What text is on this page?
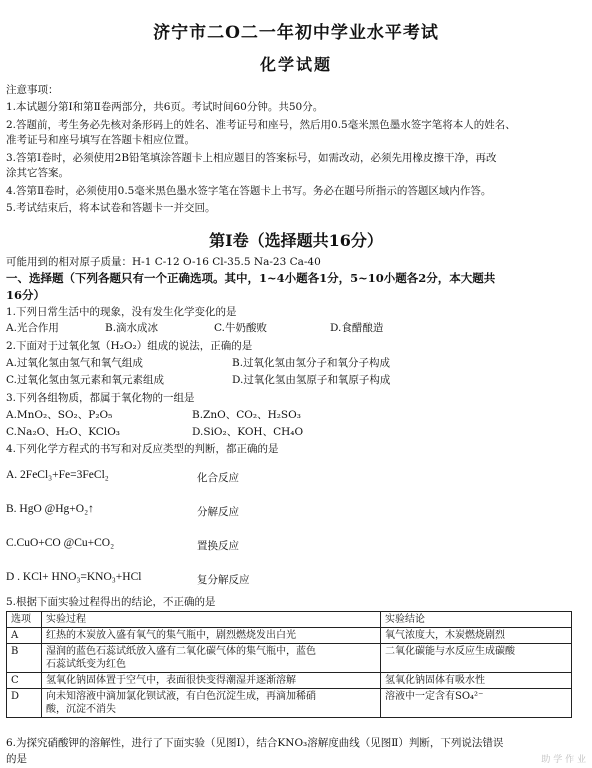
济宁市二O二一年初中学业水平考试
化学试题
注意事项：
1.本试题分第Ⅰ和第Ⅱ卷两部分，共6页。考试时间60分钟。共50分。
2.答题前，考生务必先核对条形码上的姓名、准考证号和座号，然后用0.5毫米黑色墨水签字笔将本人的姓名、
准考证号和座号填写在答题卡相应位置。
3.答第Ⅰ卷时，必须使用2B铅笔填涂答题卡上相应题目的答案标号，如需改动，必须先用橡皮擦干净，再改
涂其它答案。
4.答第Ⅱ卷时，必须使用0.5毫米黑色墨水签字笔在答题卡上书写。务必在题号所指示的答题区域内作答。
5.考试结束后，将本试卷和答题卡一并交回。
第Ⅰ卷（选择题共16分）
可能用到的相对原子质量：H-1 C-12 O-16 Cl-35.5 Na-23 Ca-40
一、选择题（下列各题只有一个正确选项。其中，1~4小题各1分，5~10小题各2分，本大题共
16分）
1.下列日常生活中的现象，没有发生化学变化的是
A.光合作用	B.滴水成冰	C.牛奶酸败	D.食醋酿造
2.下面对于过氧化氢（H₂O₂）组成的说法，正确的是
A.过氧化氢由氢气和氧气组成	B.过氧化氢由氢分子和氧分子构成
C.过氧化氢由氢元素和氧元素组成	D.过氧化氢由氢原子和氧原子构成
3.下列各组物质，都属于氧化物的一组是
A.MnO₂、SO₂、P₂O₅	B.ZnO、CO₂、H₂SO₃
C.Na₂O、H₂O、KClO₃	D.SiO₂、KOH、CH₄O
4.下列化学方程式的书写和对反应类型的判断，都正确的是
A. 2FeCl₃+Fe=3FeCl₂	化合反应
B. HgO @Hg+O₂↑	分解反应
C.CuO+CO @Cu+CO₂	置换反应
D . KCl+ HNO₃=KNO₃+HCl	复分解反应
5.根据下面实验过程得出的结论，不正确的是
选项	实验过程	实验结论
A	红热的木炭放入盛有氧气的集气瓶中，剧烈燃烧发出白光	氧气浓度大，木炭燃烧剧烈
B	湿润的蓝色石蕊试纸放入盛有二氧化碳气体的集气瓶中，蓝色
石蕊试纸变为红色	二氧化碳能与水反应生成碳酸
C	氢氧化钠固体置于空气中，表面很快变得潮湿并逐渐溶解	氢氧化钠固体有吸水性
D	向未知溶液中滴加氯化钡试液，有白色沉淀生成，再滴加稀硝
酸，沉淀不消失	溶液中一定含有SO₄²⁻
6.为探究硝酸钾的溶解性，进行了下面实验（见图Ⅰ），结合KNO₃溶解度曲线（见图Ⅱ）判断，下列说法错误
的是	助 学 作 业
